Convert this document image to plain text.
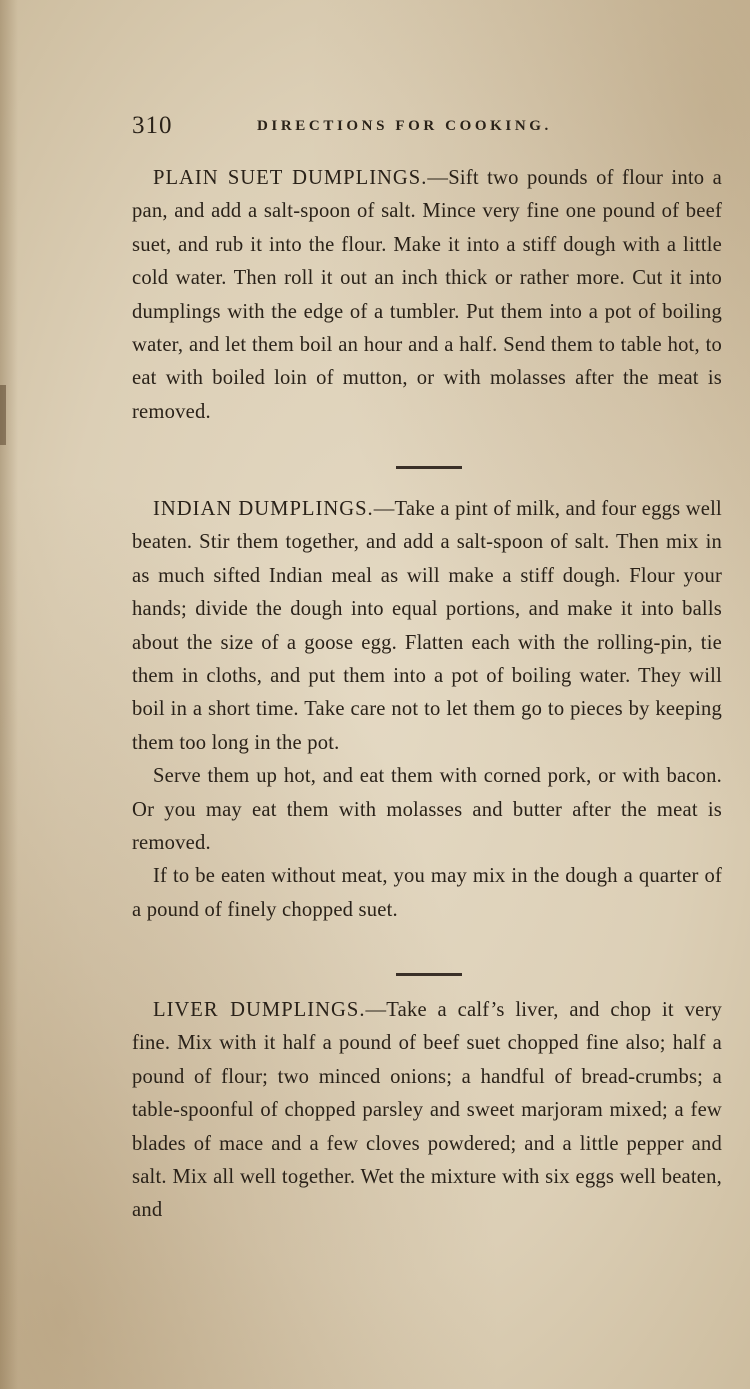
310	DIRECTIONS FOR COOKING.

PLAIN SUET DUMPLINGS.—Sift two pounds of flour into a pan, and add a salt-spoon of salt. Mince very fine one pound of beef suet, and rub it into the flour. Make it into a stiff dough with a little cold water. Then roll it out an inch thick or rather more. Cut it into dumplings with the edge of a tumbler. Put them into a pot of boiling water, and let them boil an hour and a half. Send them to table hot, to eat with boiled loin of mutton, or with molasses after the meat is removed.

INDIAN DUMPLINGS.—Take a pint of milk, and four eggs well beaten. Stir them together, and add a salt-spoon of salt. Then mix in as much sifted Indian meal as will make a stiff dough. Flour your hands; divide the dough into equal portions, and make it into balls about the size of a goose egg. Flatten each with the rolling-pin, tie them in cloths, and put them into a pot of boiling water. They will boil in a short time. Take care not to let them go to pieces by keeping them too long in the pot.

Serve them up hot, and eat them with corned pork, or with bacon. Or you may eat them with molasses and butter after the meat is removed.

If to be eaten without meat, you may mix in the dough a quarter of a pound of finely chopped suet.

LIVER DUMPLINGS.—Take a calf’s liver, and chop it very fine. Mix with it half a pound of beef suet chopped fine also; half a pound of flour; two minced onions; a handful of bread-crumbs; a table-spoonful of chopped parsley and sweet marjoram mixed; a few blades of mace and a few cloves powdered; and a little pepper and salt. Mix all well together. Wet the mixture with six eggs well beaten, and
